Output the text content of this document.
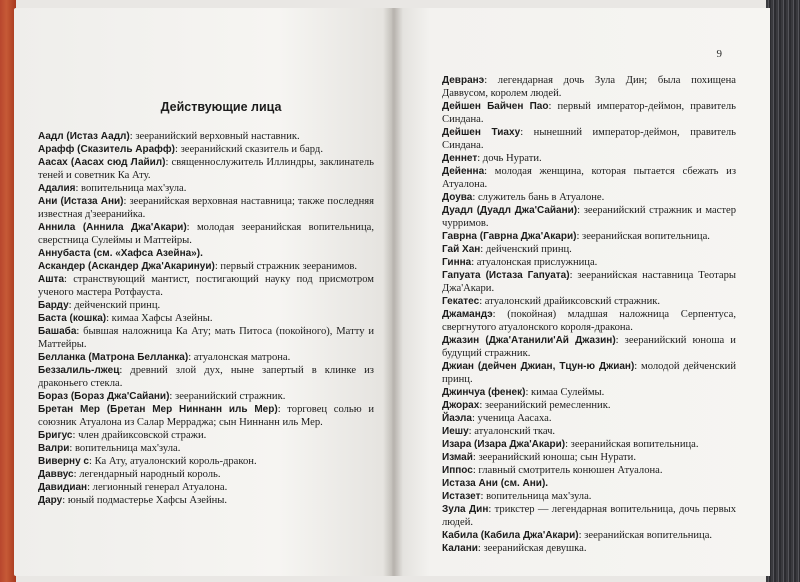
Действующие лица

Аадл (Истаз Аадл): зееранийский верховный наставник.

Арафф (Сказитель Арафф): зееранийский сказитель и бард.

Аасах (Аасах сюд Лайил): священнослужитель Иллиндры, заклинатель теней и советник Ка Ату.

Адалия: вопительница мах'зула.

Ани (Истаза Ани): зееранийская верховная наставница; также последняя известная д'зееранийка.

Аннила (Аннила Джа'Акари): молодая зееранийская вопительница, сверстница Сулеймы и Маттейры.

Аннубаста (см. «Хафса Азейна»).

Аскандер (Аскандер Джа'Акаринуи): первый стражник зееранимов.

Ашта: странствующий мантист, постигающий науку под присмотром ученого мастера Ротфауста.

Барду: дейченский принц.

Баста (кошка): кимаа Хафсы Азейны.

Башаба: бывшая наложница Ка Ату; мать Питоса (покойного), Матту и Маттейры.

Белланка (Матрона Белланка): атуалонская матрона.

Беззалиль-лжец: древний злой дух, ныне запертый в клинке из драконьего стекла.

Бораз (Бораз Джа'Сайани): зееранийский стражник.

Бретан Мер (Бретан Мер Ниннанн иль Мер): торговец солью и союзник Атуалона из Салар Мерраджа; сын Ниннанн иль Мер.

Бригус: член драйиксовской стражи.

Валри: вопительница мах'зула.

Виверну с: Ка Ату, атуалонский король-дракон.

Даввус: легендарный народный король.

Давидиан: легионный генерал Атуалона.

Дару: юный подмастерье Хафсы Азейны.

9

Девранэ: легендарная дочь Зула Дин; была похищена Даввусом, королем людей.

Дейшен Байчен Пао: первый император-деймон, правитель Синдана.

Дейшен Тиаху: нынешний император-деймон, правитель Синдана.

Деннет: дочь Нурати.

Дейенна: молодая женщина, которая пытается сбежать из Атуалона.

Доува: служитель бань в Атуалоне.

Дуадл (Дуадл Джа'Сайани): зееранийский стражник и мастер чурримов.

Гаврна (Гаврна Джа'Акари): зееранийская вопительница.

Гай Хан: дейченский принц.

Гинна: атуалонская прислужница.

Гапуата (Истаза Гапуата): зееранийская наставница Теотары Джа'Акари.

Гекатес: атуалонский драйиксовский стражник.

Джамандэ: (покойная) младшая наложница Серпентуса, свергнутого атуалонского короля-дракона.

Джазин (Джа'Атанили'Ай Джазин): зееранийский юноша и будущий стражник.

Джиан (дейчен Джиан, Тцун-ю Джиан): молодой дейченский принц.

Джинчуа (фенек): кимаа Сулеймы.

Джорах: зееранийский ремесленник.

Йаэла: ученица Аасаха.

Иешу: атуалонский ткач.

Изара (Изара Джа'Акари): зееранийская вопительница.

Измай: зееранийский юноша; сын Нурати.

Иппос: главный смотритель конюшен Атуалона.

Истаза Ани (см. Ани).

Истазет: вопительница мах'зула.

Зула Дин: трикстер — легендарная вопительница, дочь первых людей.

Кабила (Кабила Джа'Акари): зееранийская вопительница.

Калани: зееранийская девушка.
